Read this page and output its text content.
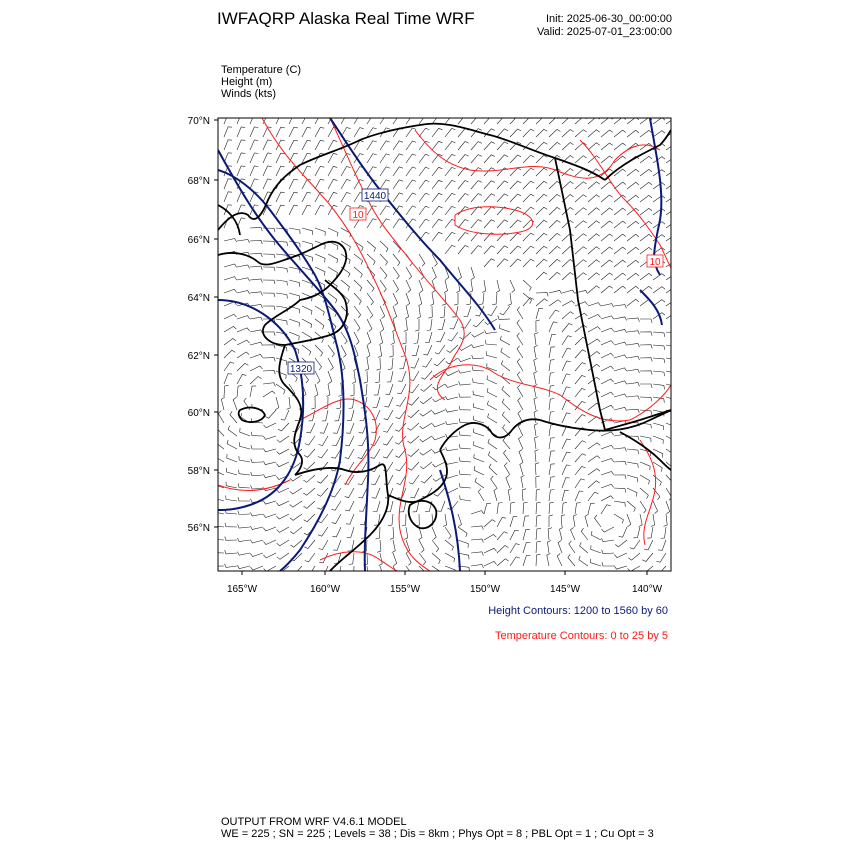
IWFAQRP Alaska Real Time WRF	Init: 2025-06-30_00:00:00
Valid: 2025-07-01_23:00:00
Temperature (C)
Height (m)
Winds (kts)
70°N
68°N
66°N
64°N
62°N
60°N
58°N
56°N
165°W	160°W	155°W	150°W	145°W	140°W
1440
1320
10
10
Height Contours: 1200 to 1560 by 60
Temperature Contours: 0 to 25 by 5
OUTPUT FROM WRF V4.6.1 MODEL
WE = 225 ; SN = 225 ; Levels = 38 ; Dis = 8km ; Phys Opt = 8 ; PBL Opt = 1 ; Cu Opt = 3
